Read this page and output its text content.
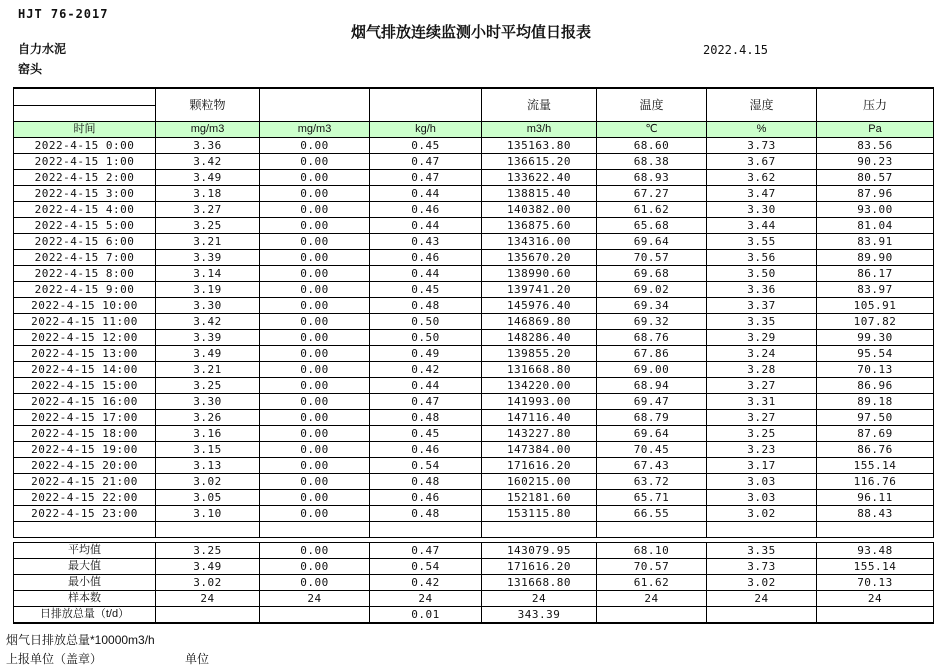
HJT 76-2017
烟气排放连续监测小时平均值日报表
2022.4.15
自力水泥
窑头
	颗粒物			流量	温度	湿度	压力

时间	mg/m3	mg/m3	kg/h	m3/h	℃	%	Pa
2022-4-15 0:00	3.36	0.00	0.45	135163.80	68.60	3.73	83.56
2022-4-15 1:00	3.42	0.00	0.47	136615.20	68.38	3.67	90.23
2022-4-15 2:00	3.49	0.00	0.47	133622.40	68.93	3.62	80.57
2022-4-15 3:00	3.18	0.00	0.44	138815.40	67.27	3.47	87.96
2022-4-15 4:00	3.27	0.00	0.46	140382.00	61.62	3.30	93.00
2022-4-15 5:00	3.25	0.00	0.44	136875.60	65.68	3.44	81.04
2022-4-15 6:00	3.21	0.00	0.43	134316.00	69.64	3.55	83.91
2022-4-15 7:00	3.39	0.00	0.46	135670.20	70.57	3.56	89.90
2022-4-15 8:00	3.14	0.00	0.44	138990.60	69.68	3.50	86.17
2022-4-15 9:00	3.19	0.00	0.45	139741.20	69.02	3.36	83.97
2022-4-15 10:00	3.30	0.00	0.48	145976.40	69.34	3.37	105.91
2022-4-15 11:00	3.42	0.00	0.50	146869.80	69.32	3.35	107.82
2022-4-15 12:00	3.39	0.00	0.50	148286.40	68.76	3.29	99.30
2022-4-15 13:00	3.49	0.00	0.49	139855.20	67.86	3.24	95.54
2022-4-15 14:00	3.21	0.00	0.42	131668.80	69.00	3.28	70.13
2022-4-15 15:00	3.25	0.00	0.44	134220.00	68.94	3.27	86.96
2022-4-15 16:00	3.30	0.00	0.47	141993.00	69.47	3.31	89.18
2022-4-15 17:00	3.26	0.00	0.48	147116.40	68.79	3.27	97.50
2022-4-15 18:00	3.16	0.00	0.45	143227.80	69.64	3.25	87.69
2022-4-15 19:00	3.15	0.00	0.46	147384.00	70.45	3.23	86.76
2022-4-15 20:00	3.13	0.00	0.54	171616.20	67.43	3.17	155.14
2022-4-15 21:00	3.02	0.00	0.48	160215.00	63.72	3.03	116.76
2022-4-15 22:00	3.05	0.00	0.46	152181.60	65.71	3.03	96.11
2022-4-15 23:00	3.10	0.00	0.48	153115.80	66.55	3.02	88.43

平均值	3.25	0.00	0.47	143079.95	68.10	3.35	93.48
最大值	3.49	0.00	0.54	171616.20	70.57	3.73	155.14
最小值	3.02	0.00	0.42	131668.80	61.62	3.02	70.13
样本数	24	24	24	24	24	24	24
日排放总量（t/d）			0.01	343.39			
烟气日排放总量*10000m3/h
上报单位（盖章）	单位
